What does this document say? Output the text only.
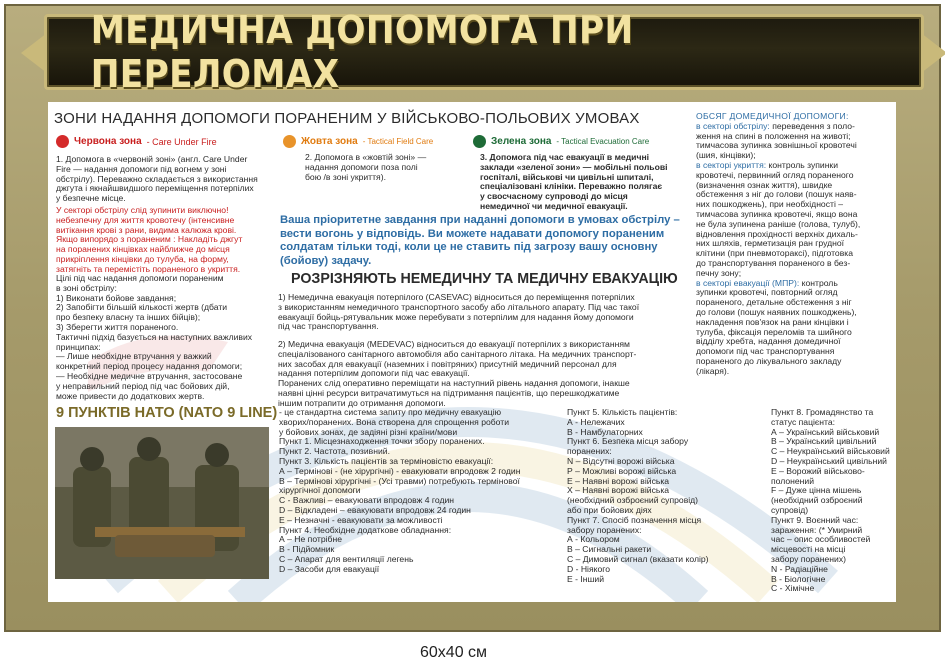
МЕДИЧНА ДОПОМОГА ПРИ ПЕРЕЛОМАХ
ЗОНИ НАДАННЯ ДОПОМОГИ ПОРАНЕНИМ У ВІЙСЬКОВО-ПОЛЬОВИХ УМОВАХ
Червона зона - Care Under Fire	Жовта зона - Tactical Field Care	Зелена зона - Tactical Evacuation Care
1. Допомога в «червоній зоні» (англ. Care Under
Fire — надання допомоги під вогнем у зоні
обстрілу). Переважно складається з використання
джгута і якнайшвидшого переміщення потерпілих
у безпечне місце.
У секторі обстрілу слід зупинити виключно!
небезпечну для життя кровотечу (інтенсивне
витікання крові з рани, видима калюжа крові.
Якщо випорядо з пораненим : Накладіть джгут
на поранених кінцівках найближче до місця
прикріплення кінцівки до тулуба, на форму,
затягніть та перемістіть пораненого в укриття.
Цілі під час надання допомоги пораненим
в зоні обстрілу:
1) Виконати бойове завдання;
2) Запобігти більшій кількості жертв (дбати
про безпеку власну та інших бійців);
3) Зберегти життя пораненого.
Тактичні підхід базується на наступних важливих
принципах:
— Лише необхідне втручання у важкий
конкретний період процесу надання допомоги;
— Необхідне медичне втручання, застосоване
у неправильний період під час бойових дій,
може привести до додаткових жертв.
2. Допомога в «жовтій зоні» —
надання допомоги поза полі
бою /в зоні укриття).
3. Допомога під час евакуації в медичні
заклади «зеленої зони» — мобільні польові
госпіталі, військові чи цивільні шпиталі,
спеціалізовані клініки. Переважно полягає
у свосчасному супроводі до місця
немедичної чи медичної евакуації.
Ваша пріоритетне завдання при наданні допомоги в умовах обстрілу –
вести вогонь у відповідь. Ви можете надавати допомогу пораненим
солдатам тільки тоді, коли це не ставить під загрозу вашу основну
(бойову) задачу.
РОЗРІЗНЯЮТЬ НЕМЕДИЧНУ ТА МЕДИЧНУ ЕВАКУАЦІЮ
1) Немедична евакуація потерпілого (CASEVAC) відноситься до переміщення потерпілих
з використанням немедичного транспортного засобу або літального апарату. Під час такої
евакуації бойць-рятувальник може перебувати з потерпілим для надання йому допомоги
під час транспортування.
2) Медична евакуація (MEDEVAC) відноситься до евакуації потерпілих з використанням
спеціалізованого санітарного автомобіля або санітарного літака. На медичних транспорт-
них засобах для евакуації (наземних і повітряних) присутній медичний персонал для
надання потерпілим допомоги під час евакуації.
Поранених слід оперативно переміщати на наступний рівень надання допомоги, інакше
наявні цінні ресурси витрачатимуться на підтримання пацієнтів, що перешкоджатиме
іншим потрапити до отримання допомоги.
ОБСЯГ ДОМЕДИЧНОЇ ДОПОМОГИ:
в секторі обстрілу: переведення з поло-
ження на спині в положення на животі;
тимчасова зупинка зовнішньої кровотечі
(шия, кінцівки);
в секторі укриття: контроль зупинки
кровотечі, первинний огляд пораненого
(визначення ознак життя), швидке
обстеження з ніг до голови (пошук наяв-
них пошкоджень), при необхідності –
тимчасова зупинка кровотечі, якщо вона
не була зупинена раніше (голова, тулуб),
відновлення прохідності верхніх дихаль-
них шляхів, герметизація ран грудної
клітини (при пневмотораксі), підготовка
до транспортування пораненого в без-
печну зону;
в секторі евакуації (МПР): контроль
зупинки кровотечі, повторний огляд
пораненого, детальне обстеження з ніг
до голови (пошук наявних пошкоджень),
накладення пов'язок на рани кінцівки і
тулуба, фіксація переломів та шийного
відділу хребта, надання домедичної
допомоги під час транспортування
пораненого до лікувального закладу
(лікаря).
9 ПУНКТІВ НАТО (NATO 9 LINE) - це стандартна система запиту про медичну евакуацію
хворих/поранених. Вона створена для спрощення роботи
у бойових зонах, де задіяні різні країни/мови
Пункт 1. Місцезнаходження точки збору поранених.
Пункт 2. Частота, позивний.
Пункт 3. Кількість пацієнтів за терміновістю евакуації:
А – Термінові - (не хірургічні) - евакуювати впродовж 2 годин
В – Термінові хірургічні - (Усі травми) потребують термінової
хірургічної допомоги
С - Важливі – евакуювати впродовж 4 годин
D – Відкладені – евакуювати впродовж 24 годин
Е – Незначні - евакуювати за можливості
Пункт 4. Необхідне додаткове обладнання:
А – Не потрібне
В - Підйомник
С – Апарат для вентиляції легень
D – Засоби для евакуації
Пункт 5. Кількість пацієнтів:
А - Нележачих
В - Намбулаторних
Пункт 6. Безпека місця забору
поранених:
N – Відсутні ворожі війська
Р – Можливі ворожі війська
Е – Наявні ворожі війська
Х – Наявні ворожі війська
(необхідний озброєний супровід)
або при бойових діях
Пункт 7. Спосіб позначення місця
забору поранених:
А - Кольором
В – Сигнальні ракети
С – Димовий сигнал (вказати колір)
D - Ніякого
Е - Інший
Пункт 8. Громадянство та
статус пацієнта:
А – Український військовий
В – Український цивільний
С – Неукраїнський військовий
D – Неукраїнський цивільний
Е – Ворожий військово-
полонений
F – Дуже цінна мішень
(необхідний озброєний
супровід)
Пункт 9. Воєнний час:
зараження: (* Умирний
час – опис особливостей
місцевості на місці
забору поранених)
N - Радіаційне
В - Біологічне
С - Хімічне
60х40 см
